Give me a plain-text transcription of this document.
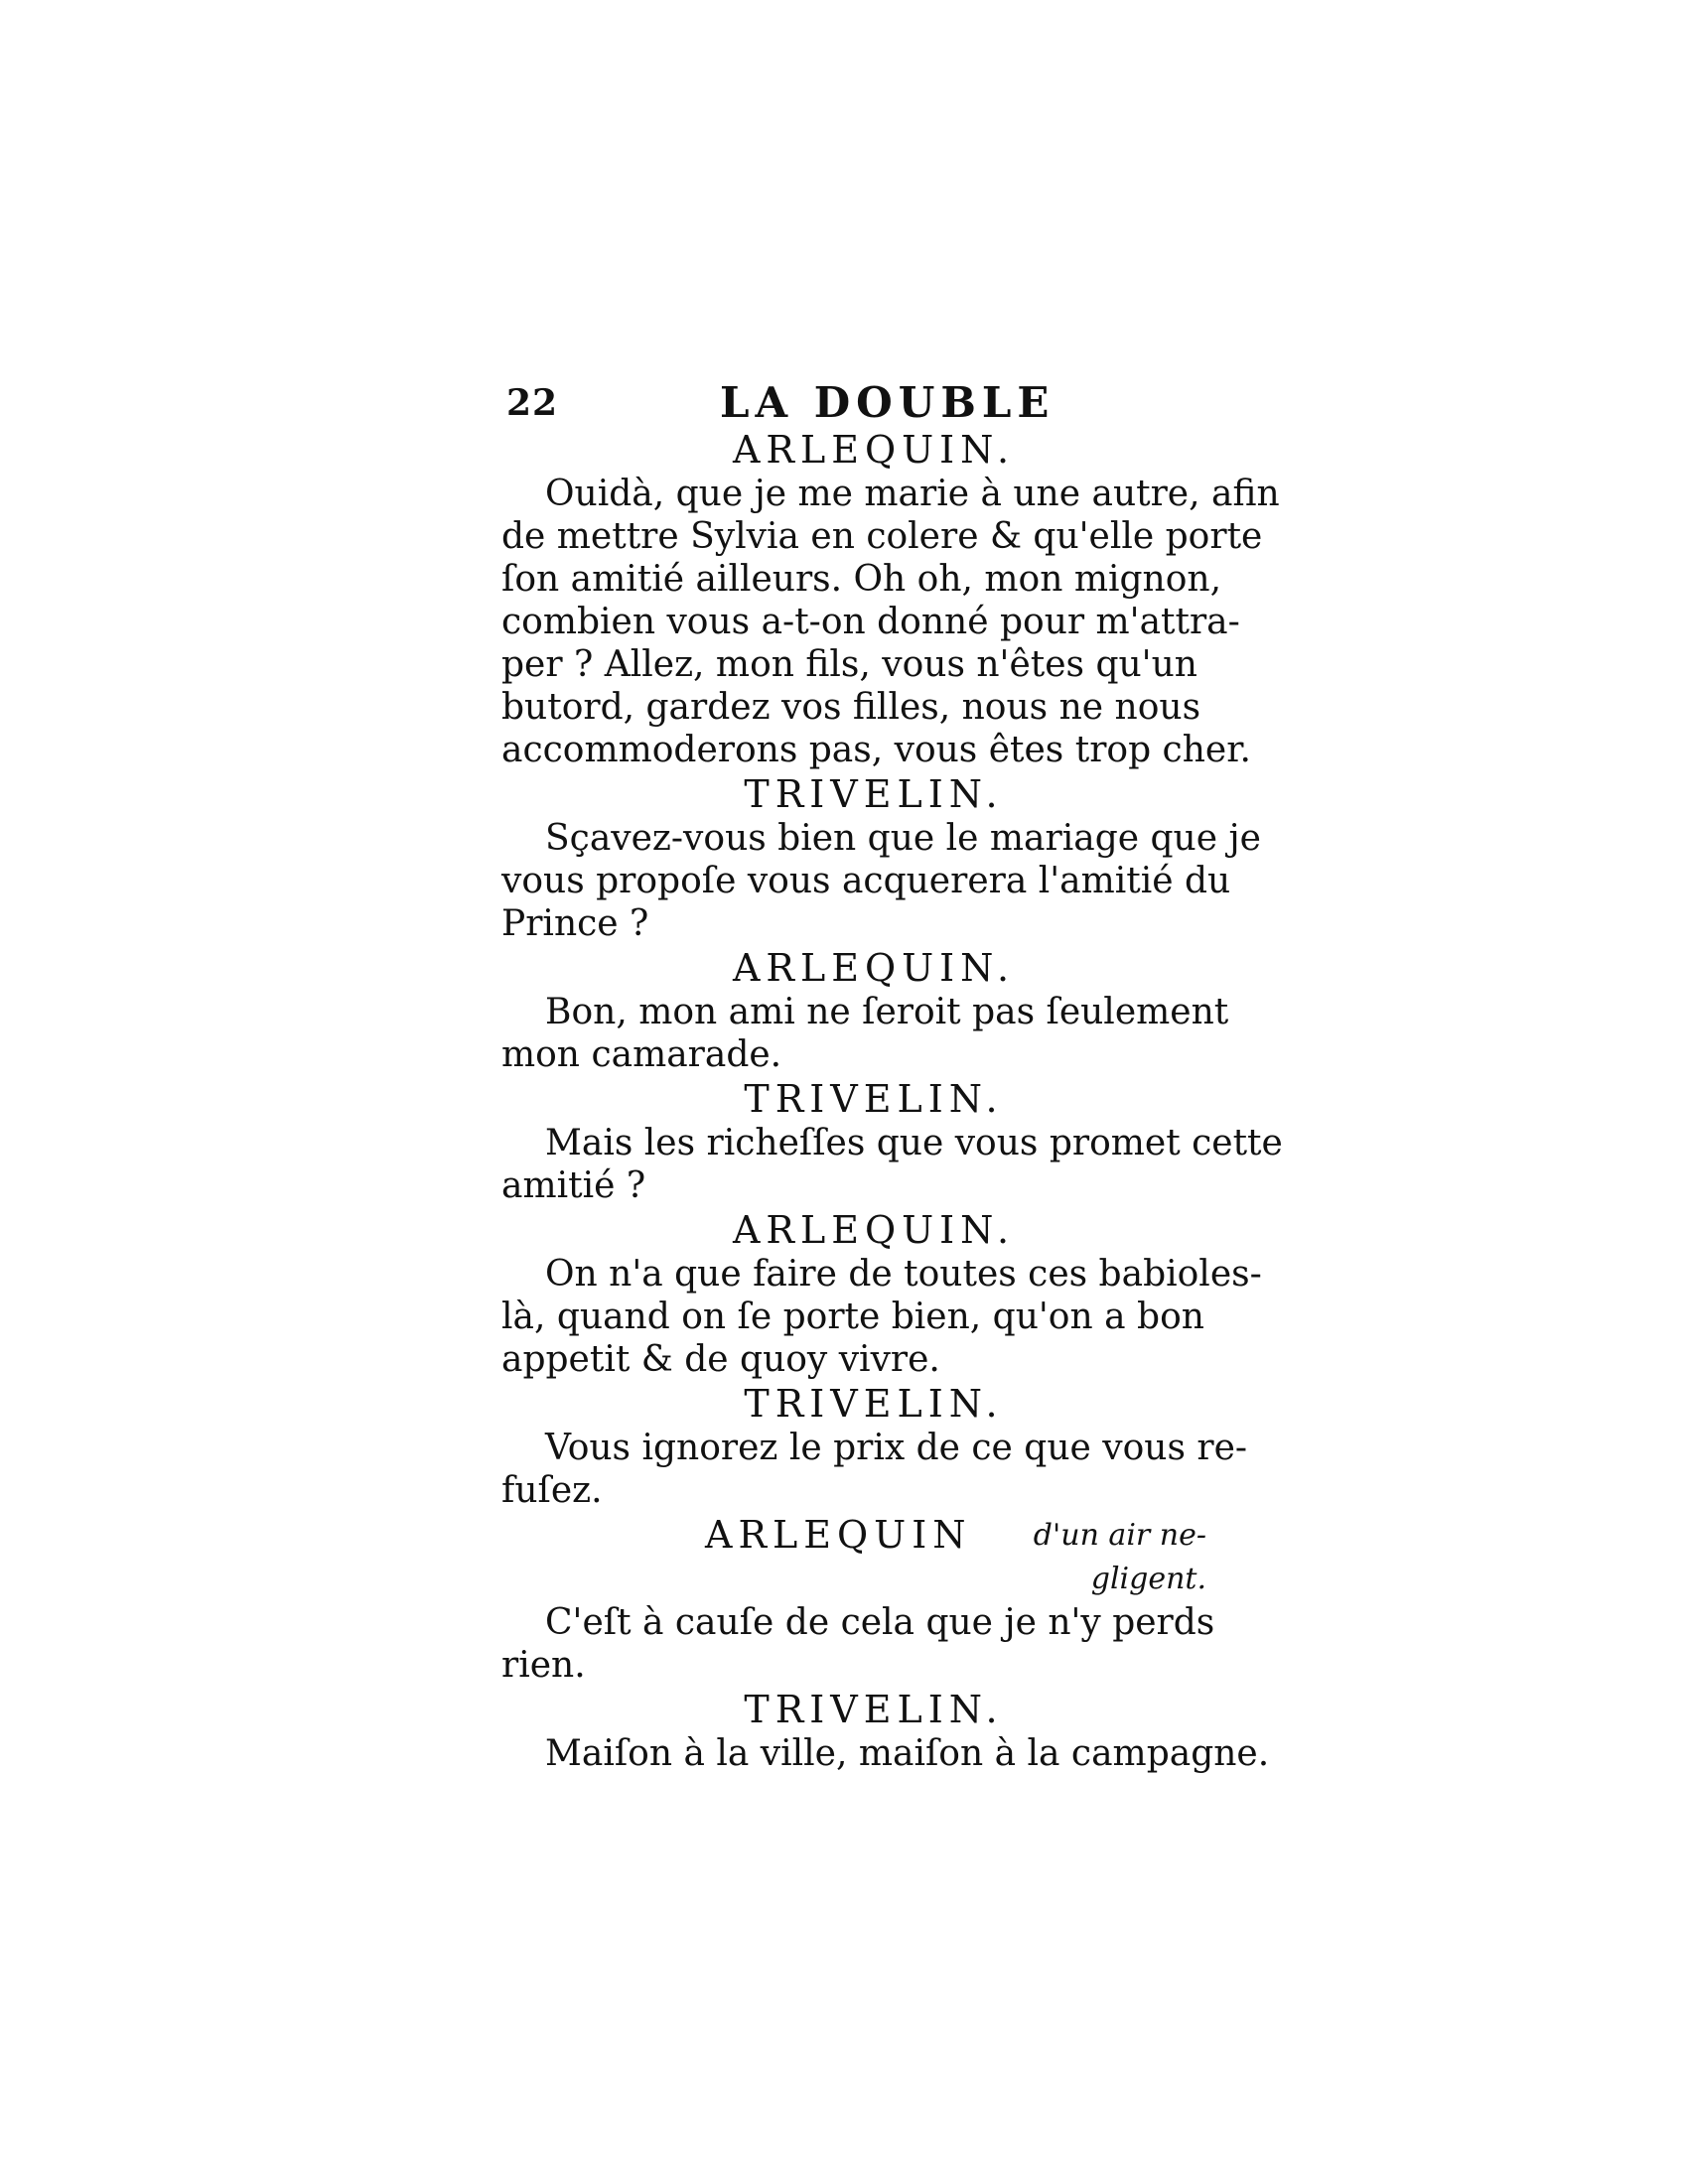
22	LA DOUBLE
ARLEQUIN.
Ouidà, que je me marie à une autre, afin
de mettre Sylvia en colere & qu'elle porte
ſon amitié ailleurs. Oh oh, mon mignon,
combien vous a-t-on donné pour m'attra-
per ? Allez, mon fils, vous n'êtes qu'un
butord, gardez vos filles, nous ne nous
accommoderons pas, vous êtes trop cher.
TRIVELIN.
Sçavez-vous bien que le mariage que je
vous propoſe vous acquerera l'amitié du
Prince ?
ARLEQUIN.
Bon, mon ami ne ſeroit pas ſeulement
mon camarade.
TRIVELIN.
Mais les richeſſes que vous promet cette
amitié ?
ARLEQUIN.
On n'a que faire de toutes ces babioles-
là, quand on ſe porte bien, qu'on a bon
appetit & de quoy vivre.
TRIVELIN.
Vous ignorez le prix de ce que vous re-
fuſez.
ARLEQUIN	d'un air ne- gligent.
C'eſt à cauſe de cela que je n'y perds
rien.
TRIVELIN.
Maiſon à la ville, maiſon à la campagne.
